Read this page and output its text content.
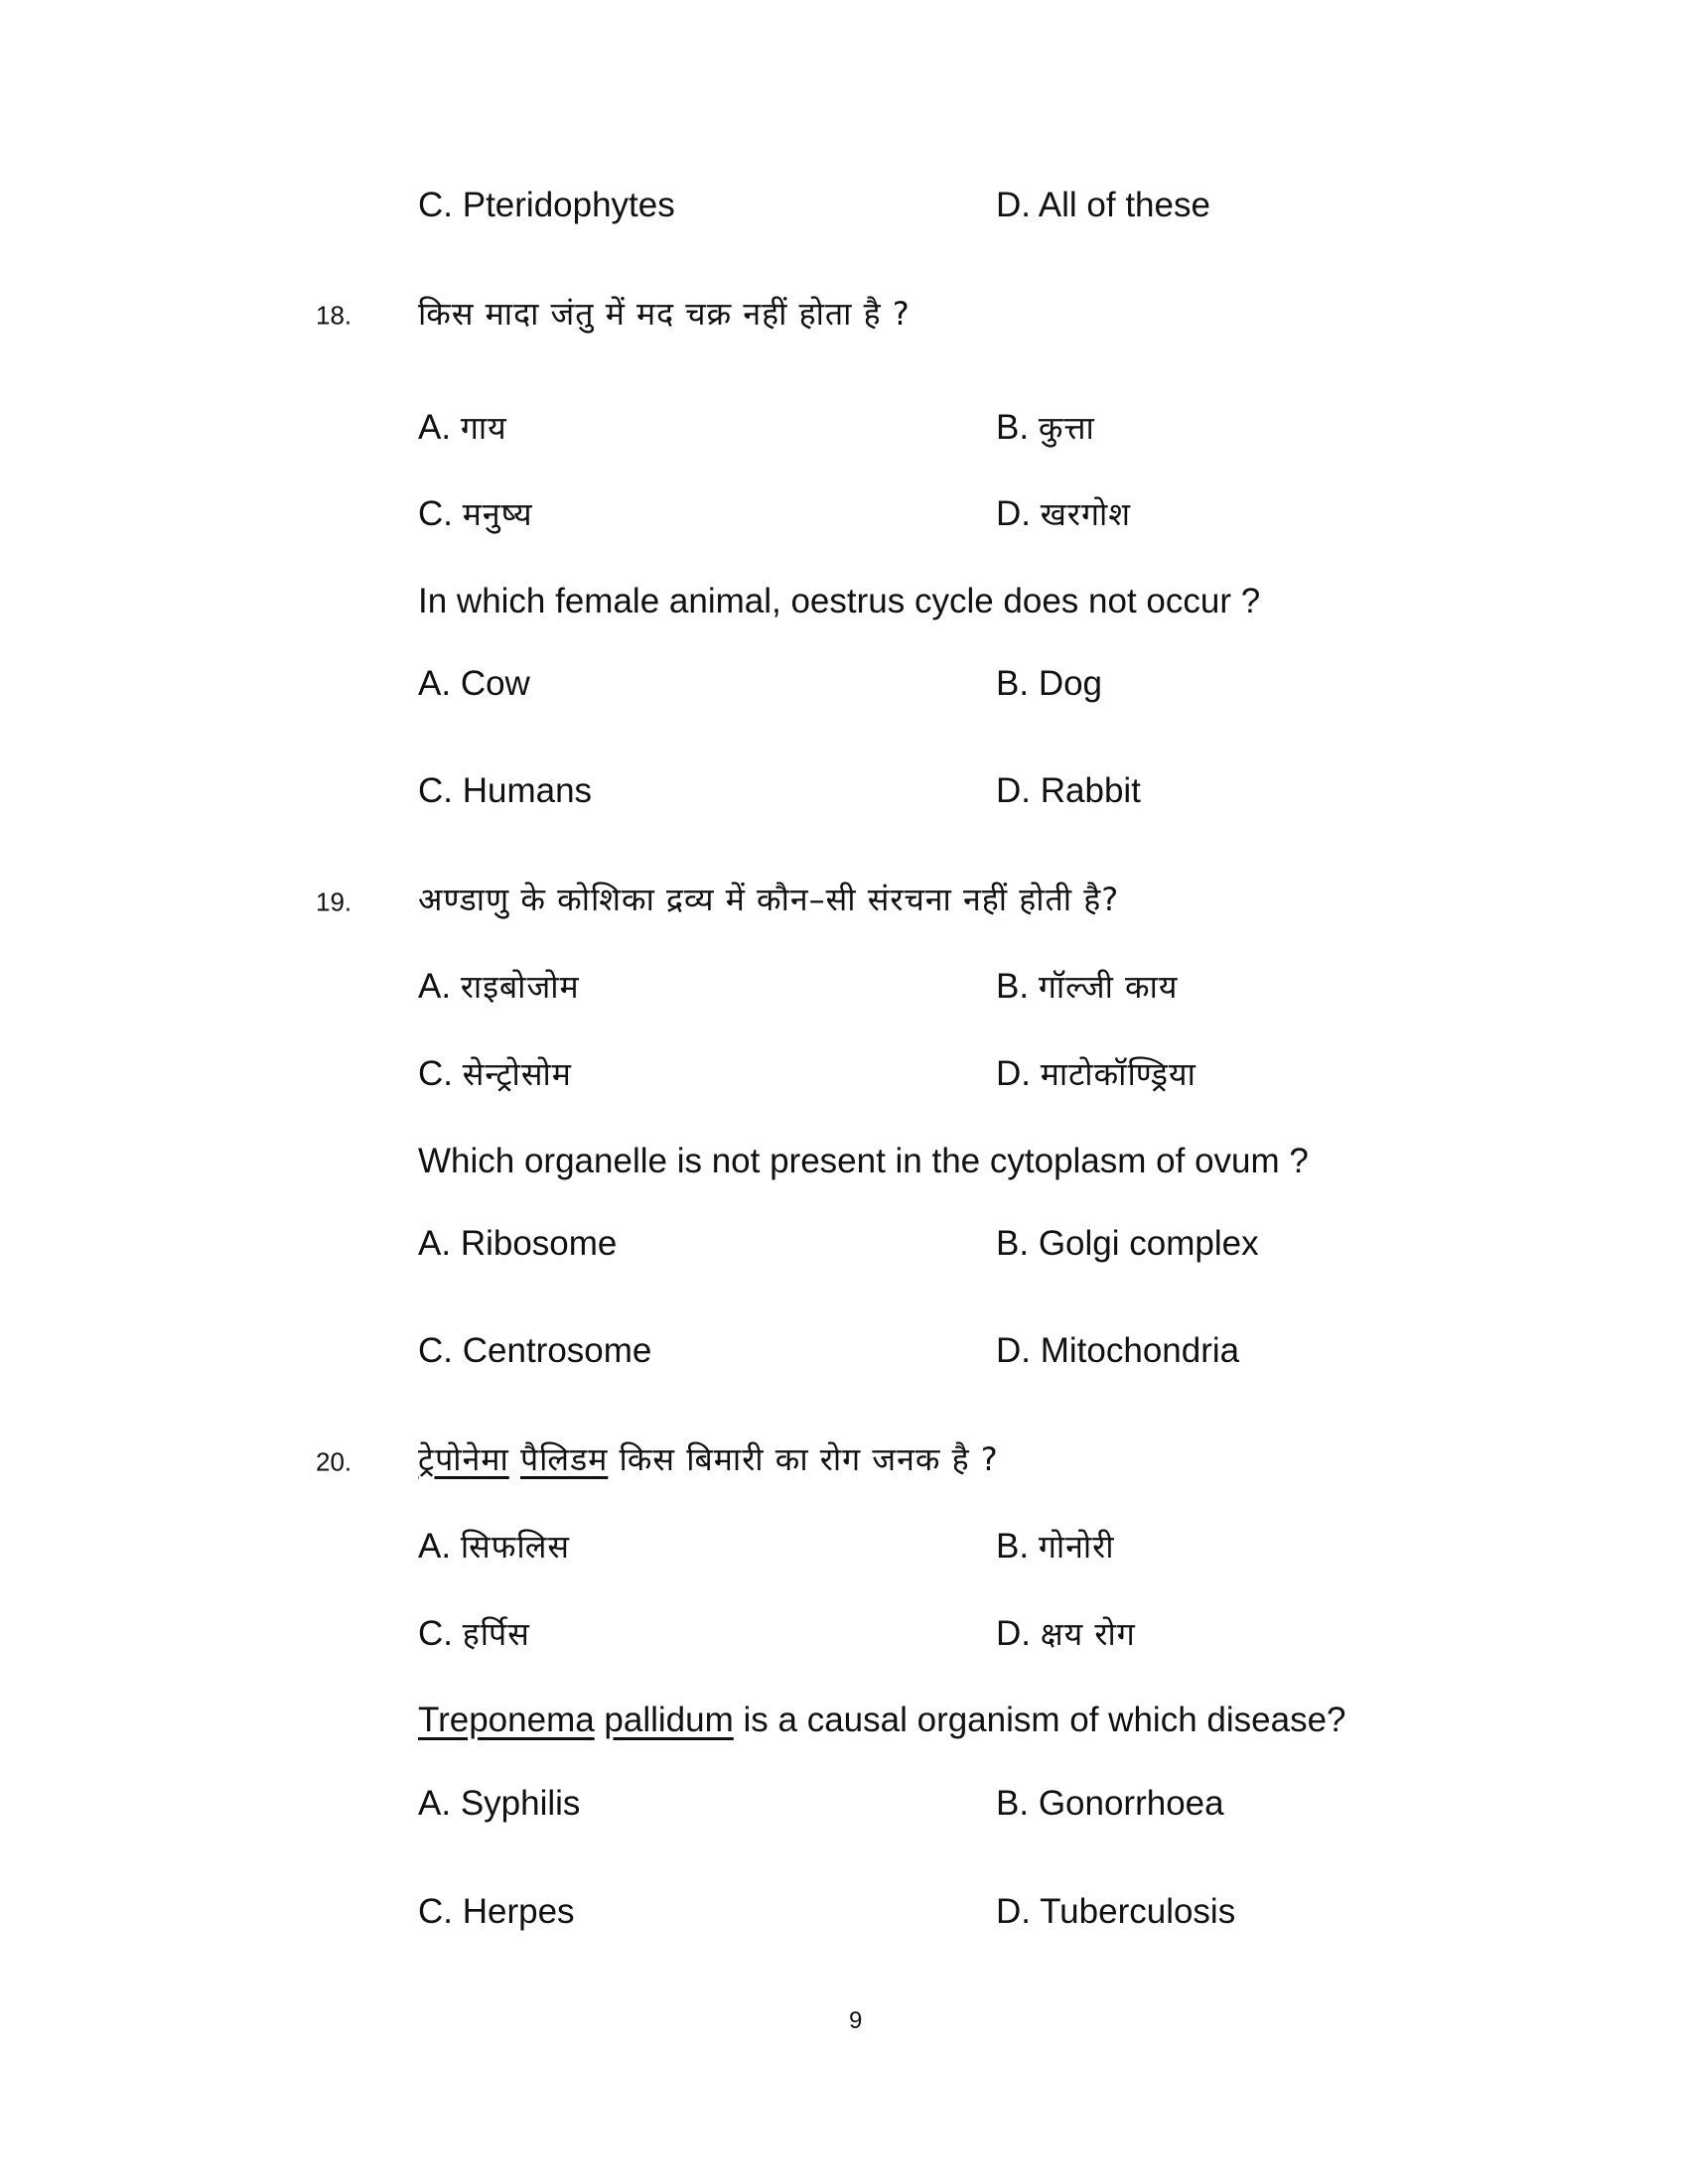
C. Pteridophytes	D. All of these
18. किस मादा जंतु में मद चक्र नहीं होता है ?
A. गाय	B. कुत्ता
C. मनुष्य	D. खरगोश
In which female animal, oestrus cycle does not occur ?
A. Cow	B. Dog
C. Humans	D. Rabbit
19. अण्डाणु के कोशिका द्रव्य में कौन–सी संरचना नहीं होती है?
A. राइबोजोम	B. गॉल्जी काय
C. सेन्ट्रोसोम	D. माटोकॉण्ड्रिया
Which organelle is not present in the cytoplasm of ovum ?
A. Ribosome	B. Golgi complex
C. Centrosome	D. Mitochondria
20. ट्रेपोनेमा पैलिडम किस बिमारी का रोग जनक है ?
A. सिफलिस	B. गोनोरी
C. हर्पिस	D. क्षय रोग
Treponema pallidum is a causal organism of which disease?
A. Syphilis	B. Gonorrhoea
C. Herpes	D. Tuberculosis
9
